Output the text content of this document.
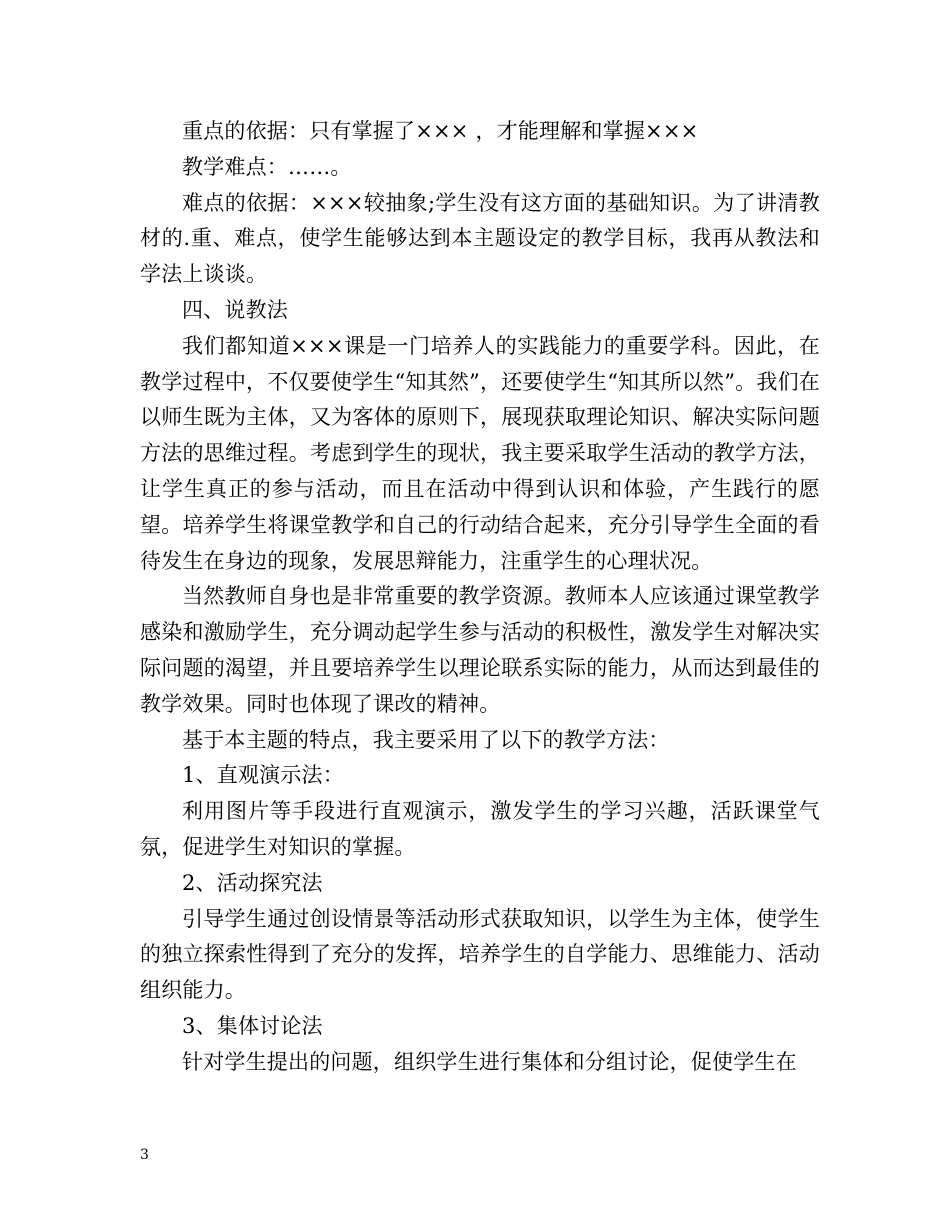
重点的依据：只有掌握了××× ，才能理解和掌握×××

教学难点：……。

难点的依据：×××较抽象;学生没有这方面的基础知识。为了讲清教材的.重、难点，使学生能够达到本主题设定的教学目标，我再从教法和学法上谈谈。

四、说教法

我们都知道×××课是一门培养人的实践能力的重要学科。因此，在教学过程中，不仅要使学生“知其然”，还要使学生“知其所以然”。我们在以师生既为主体，又为客体的原则下，展现获取理论知识、解决实际问题方法的思维过程。考虑到学生的现状，我主要采取学生活动的教学方法，让学生真正的参与活动，而且在活动中得到认识和体验，产生践行的愿望。培养学生将课堂教学和自己的行动结合起来，充分引导学生全面的看待发生在身边的现象，发展思辩能力，注重学生的心理状况。

当然教师自身也是非常重要的教学资源。教师本人应该通过课堂教学感染和激励学生，充分调动起学生参与活动的积极性，激发学生对解决实际问题的渴望，并且要培养学生以理论联系实际的能力，从而达到最佳的教学效果。同时也体现了课改的精神。

基于本主题的特点，我主要采用了以下的教学方法：

1、直观演示法：

利用图片等手段进行直观演示，激发学生的学习兴趣，活跃课堂气氛，促进学生对知识的掌握。

2、活动探究法

引导学生通过创设情景等活动形式获取知识，以学生为主体，使学生的独立探索性得到了充分的发挥，培养学生的自学能力、思维能力、活动组织能力。

3、集体讨论法

针对学生提出的问题，组织学生进行集体和分组讨论，促使学生在

3
